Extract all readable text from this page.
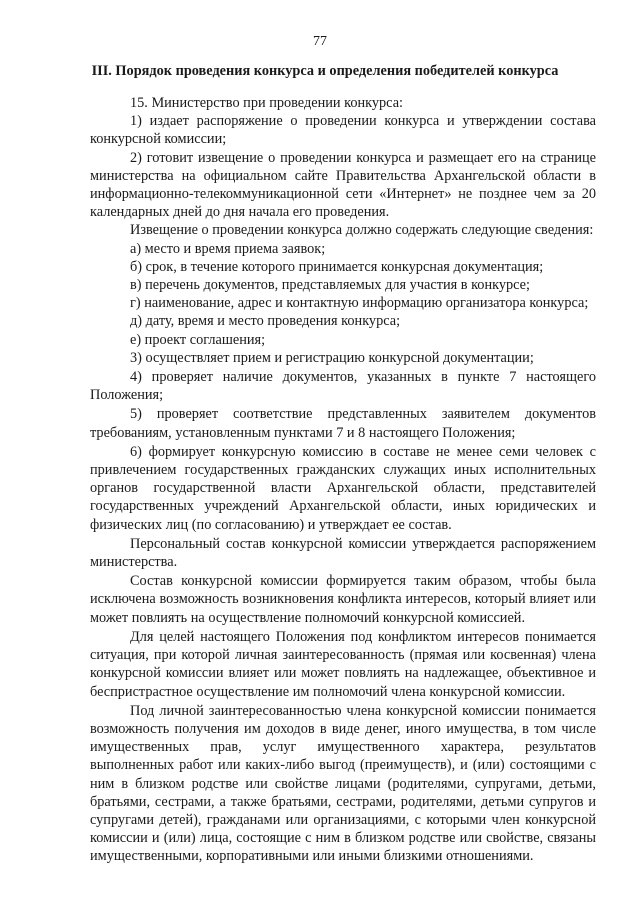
77
III. Порядок проведения конкурса и определения победителей конкурса

15. Министерство при проведении конкурса:

1) издает распоряжение о проведении конкурса и утверждении состава конкурсной комиссии;

2) готовит извещение о проведении конкурса и размещает его на странице министерства на официальном сайте Правительства Архангельской области в информационно-телекоммуникационной сети «Интернет» не позднее чем за 20 календарных дней до дня начала его проведения.

Извещение о проведении конкурса должно содержать следующие сведения:

а) место и время приема заявок;

б) срок, в течение которого принимается конкурсная документация;

в) перечень документов, представляемых для участия в конкурсе;

г) наименование, адрес и контактную информацию организатора конкурса;

д) дату, время и место проведения конкурса;

е) проект соглашения;

3) осуществляет прием и регистрацию конкурсной документации;

4) проверяет наличие документов, указанных в пункте 7 настоящего Положения;

5) проверяет соответствие представленных заявителем документов требованиям, установленным пунктами 7 и 8 настоящего Положения;

6) формирует конкурсную комиссию в составе не менее семи человек с привлечением государственных гражданских служащих иных исполнительных органов государственной власти Архангельской области, представителей государственных учреждений Архангельской области, иных юридических и физических лиц (по согласованию) и утверждает ее состав.

Персональный состав конкурсной комиссии утверждается распоряжением министерства.

Состав конкурсной комиссии формируется таким образом, чтобы была исключена возможность возникновения конфликта интересов, который влияет или может повлиять на осуществление полномочий конкурсной комиссией.

Для целей настоящего Положения под конфликтом интересов понимается ситуация, при которой личная заинтересованность (прямая или косвенная) члена конкурсной комиссии влияет или может повлиять на надлежащее, объективное и беспристрастное осуществление им полномочий члена конкурсной комиссии.

Под личной заинтересованностью члена конкурсной комиссии понимается возможность получения им доходов в виде денег, иного имущества, в том числе имущественных прав, услуг имущественного характера, результатов выполненных работ или каких-либо выгод (преимуществ), и (или) состоящими с ним в близком родстве или свойстве лицами (родителями, супругами, детьми, братьями, сестрами, а также братьями, сестрами, родителями, детьми супругов и супругами детей), гражданами или организациями, с которыми член конкурсной комиссии и (или) лица, состоящие с ним в близком родстве или свойстве, связаны имущественными, корпоративными или иными близкими отношениями.
